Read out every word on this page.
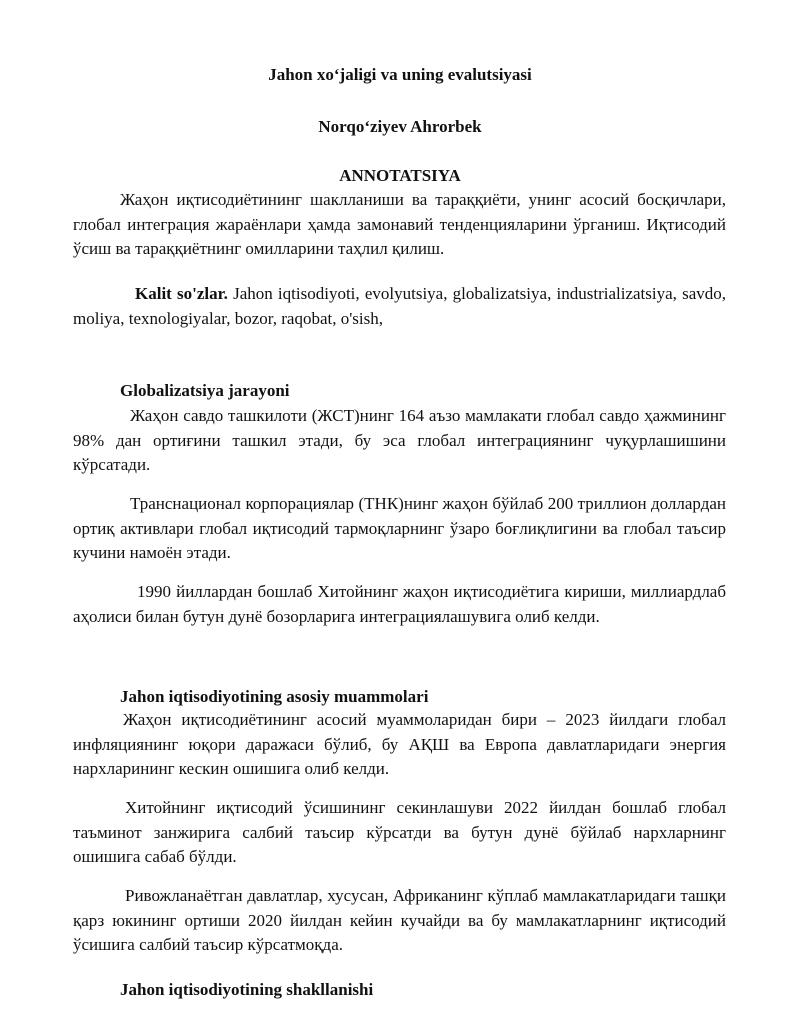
Jahon xo‘jaligi va uning evalutsiyasi
Norqo‘ziyev Ahrorbek
ANNOTATSIYA

Жаҳон иқтисодиётининг шаклланиши ва тараққиёти, унинг асосий босқичлари, глобал интеграция жараёнлари ҳамда замонавий тенденцияларини ўрганиш. Иқтисодий ўсиш ва тараққиётнинг омилларини таҳлил қилиш.

Kalit so'zlar. Jahon iqtisodiyoti, evolyutsiya, globalizatsiya, industrializatsiya, savdo, moliya, texnologiyalar, bozor, raqobat, o'sish,

Globalizatsiya jarayoni

Жаҳон савдо ташкилоти (ЖСТ)нинг 164 аъзо мамлакати глобал савдо ҳажмининг 98% дан ортиғини ташкил этади, бу эса глобал интеграциянинг чуқурлашишини кўрсатади.

Транснационал корпорациялар (ТНК)нинг жаҳон бўйлаб 200 триллион доллардан ортиқ активлари глобал иқтисодий тармоқларнинг ўзаро боғлиқлигини ва глобал таъсир кучини намоён этади.

1990 йиллардан бошлаб Хитойнинг жаҳон иқтисодиётига кириши, миллиардлаб аҳолиси билан бутун дунё бозорларига интеграциялашувига олиб келди.

Jahon iqtisodiyotining asosiy muammolari

Жаҳон иқтисодиётининг асосий муаммоларидан бири – 2023 йилдаги глобал инфляциянинг юқори даражаси бўлиб, бу АҚШ ва Европа давлатларидаги энергия нархларининг кескин ошишига олиб келди.

Хитойнинг иқтисодий ўсишининг секинлашуви 2022 йилдан бошлаб глобал таъминот занжирига салбий таъсир кўрсатди ва бутун дунё бўйлаб нархларнинг ошишига сабаб бўлди.

Ривожланаётган давлатлар, хусусан, Африканинг кўплаб мамлакатларидаги ташқи қарз юкининг ортиши 2020 йилдан кейин кучайди ва бу мамлакатларнинг иқтисодий ўсишига салбий таъсир кўрсатмоқда.

Jahon iqtisodiyotining shakllanishi
